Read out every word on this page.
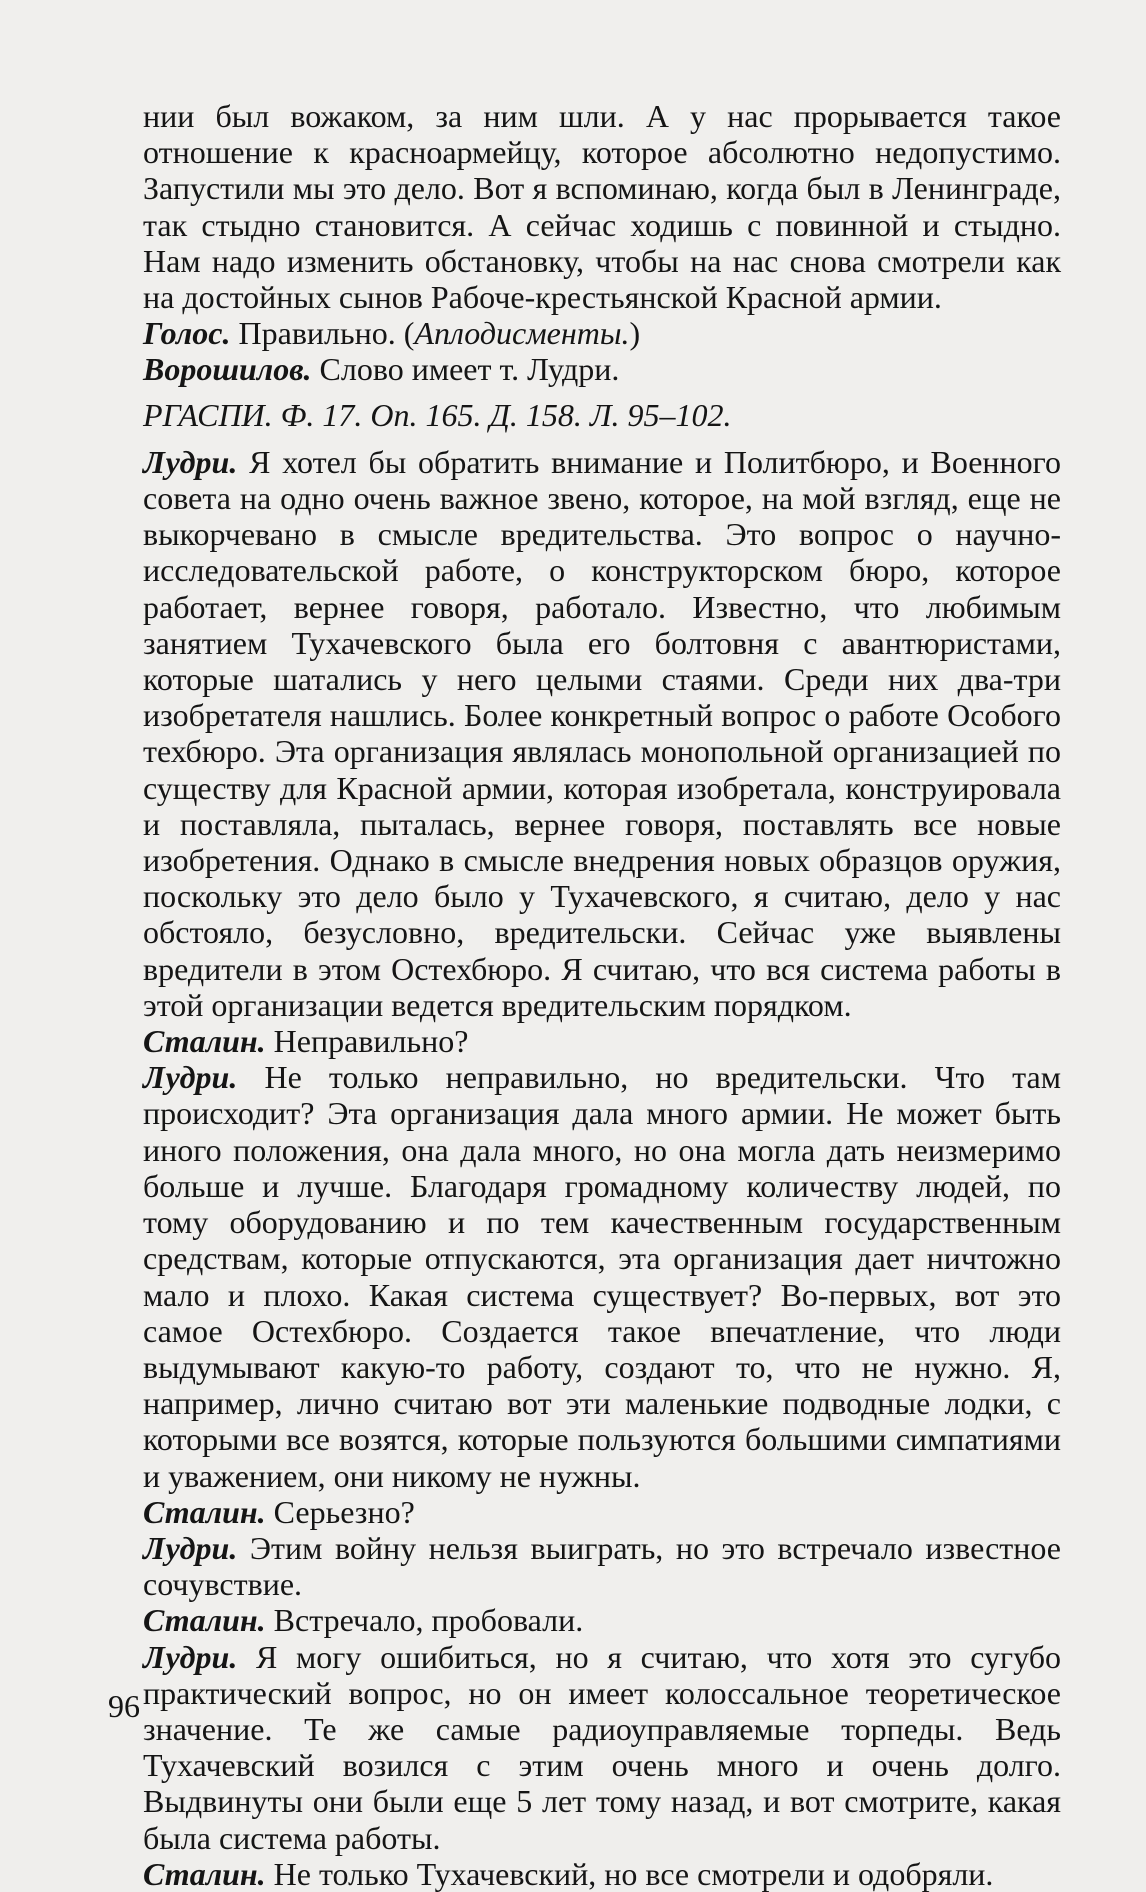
нии был вожаком, за ним шли. А у нас прорывается такое отношение к красноармейцу, которое абсолютно недопустимо. Запустили мы это дело. Вот я вспоминаю, когда был в Ленинграде, так стыдно становится. А сейчас ходишь с повинной и стыдно. Нам надо изменить обстановку, чтобы на нас снова смотрели как на достойных сынов Рабоче-крестьянской Красной армии.

Голос. Правильно. (Аплодисменты.)

Ворошилов. Слово имеет т. Лудри.

РГАСПИ. Ф. 17. Оп. 165. Д. 158. Л. 95–102.

Лудри. Я хотел бы обратить внимание и Политбюро, и Военного совета на одно очень важное звено, которое, на мой взгляд, еще не выкорчевано в смысле вредительства. Это вопрос о научно-исследовательской работе, о конструкторском бюро, которое работает, вернее говоря, работало. Известно, что любимым занятием Тухачевского была его болтовня с авантюристами, которые шатались у него целыми стаями. Среди них два-три изобретателя нашлись. Более конкретный вопрос о работе Особого техбюро. Эта организация являлась монопольной организацией по существу для Красной армии, которая изобретала, конструировала и поставляла, пыталась, вернее говоря, поставлять все новые изобретения. Однако в смысле внедрения новых образцов оружия, поскольку это дело было у Тухачевского, я считаю, дело у нас обстояло, безусловно, вредительски. Сейчас уже выявлены вредители в этом Остехбюро. Я считаю, что вся система работы в этой организации ведется вредительским порядком.

Сталин. Неправильно?

Лудри. Не только неправильно, но вредительски. Что там происходит? Эта организация дала много армии. Не может быть иного положения, она дала много, но она могла дать неизмеримо больше и лучше. Благодаря громадному количеству людей, по тому оборудованию и по тем качественным государственным средствам, которые отпускаются, эта организация дает ничтожно мало и плохо. Какая система существует? Во-первых, вот это самое Остехбюро. Создается такое впечатление, что люди выдумывают какую-то работу, создают то, что не нужно. Я, например, лично считаю вот эти маленькие подводные лодки, с которыми все возятся, которые пользуются большими симпатиями и уважением, они никому не нужны.

Сталин. Серьезно?

Лудри. Этим войну нельзя выиграть, но это встречало известное сочувствие.

Сталин. Встречало, пробовали.

Лудри. Я могу ошибиться, но я считаю, что хотя это сугубо практический вопрос, но он имеет колоссальное теоретическое значение. Те же самые радиоуправляемые торпеды. Ведь Тухачевский возился с этим очень много и очень долго. Выдвинуты они были еще 5 лет тому назад, и вот смотрите, какая была система работы.

Сталин. Не только Тухачевский, но все смотрели и одобряли.

96
